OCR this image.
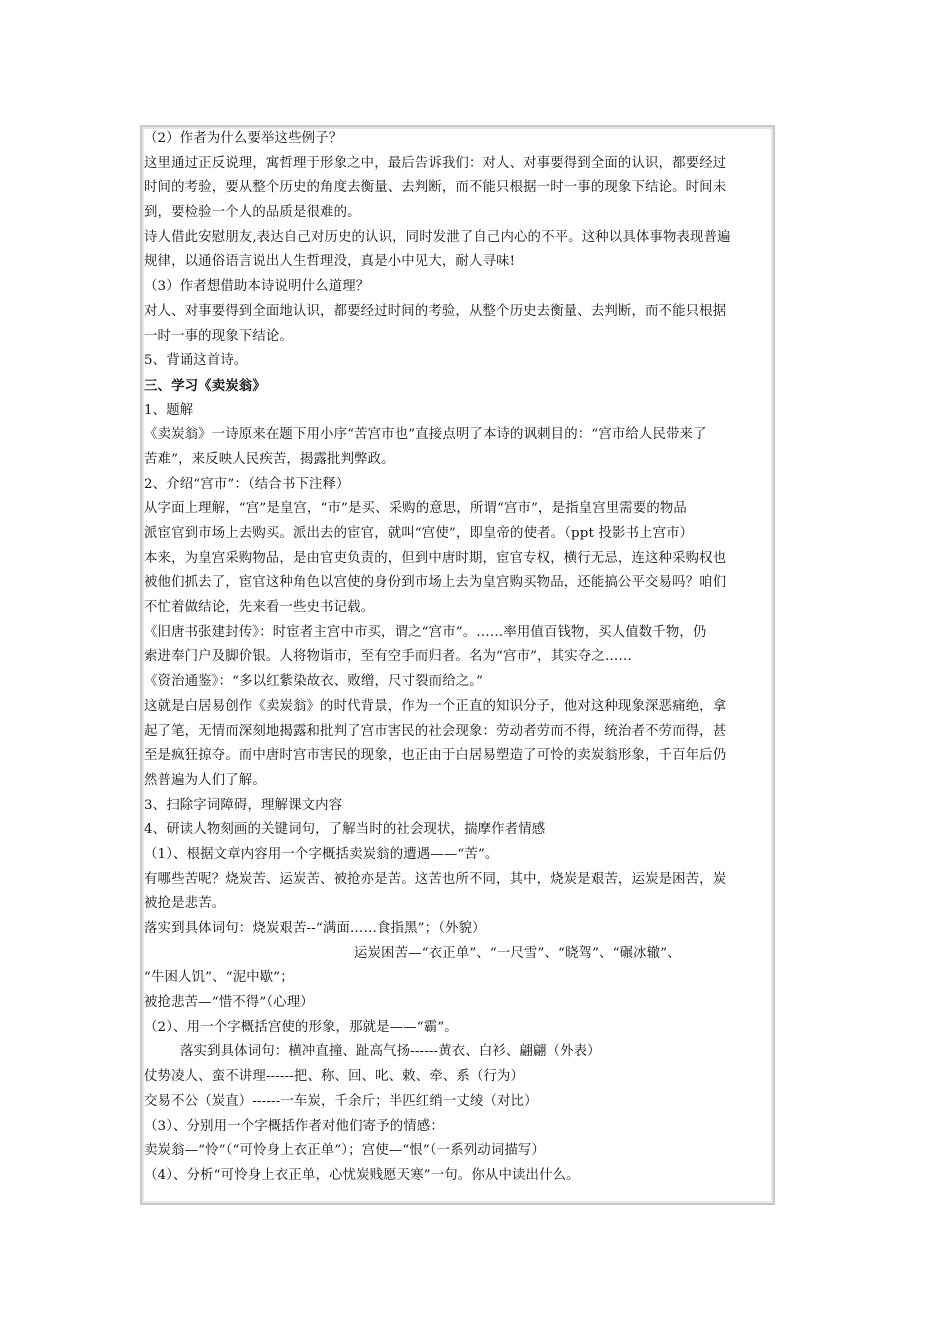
（2）作者为什么要举这些例子？
这里通过正反说理，寓哲理于形象之中，最后告诉我们：对人、对事要得到全面的认识，都要经过
时间的考验，要从整个历史的角度去衡量、去判断，而不能只根据一时一事的现象下结论。时间未
到，要检验一个人的品质是很难的。
诗人借此安慰朋友,表达自己对历史的认识，同时发泄了自己内心的不平。这种以具体事物表现普遍
规律，以通俗语言说出人生哲理没，真是小中见大，耐人寻味!
（3）作者想借助本诗说明什么道理？
对人、对事要得到全面地认识，都要经过时间的考验，从整个历史去衡量、去判断，而不能只根据
一时一事的现象下结论。
5、背诵这首诗。
三、学习《卖炭翁》
1、题解
《卖炭翁》一诗原来在题下用小序“苦宫市也”直接点明了本诗的讽刺目的：“宫市给人民带来了
苦难”，来反映人民疾苦，揭露批判弊政。
2、介绍“宫市”：（结合书下注释）
从字面上理解，“宫”是皇宫，“市”是买、采购的意思，所谓“宫市”，是指皇宫里需要的物品
派宦官到市场上去购买。派出去的宦官，就叫“宫使”，即皇帝的使者。（ppt 投影书上宫市）
本来，为皇宫采购物品，是由官吏负责的，但到中唐时期，宦官专权，横行无忌，连这种采购权也
被他们抓去了，宦官这种角色以宫使的身份到市场上去为皇宫购买物品，还能搞公平交易吗？咱们
不忙着做结论，先来看一些史书记载。
《旧唐书张建封传》：时宦者主宫中市买，谓之“宫市”。……率用值百钱物，买人值数千物，仍
索进奉门户及脚价银。人将物诣市，至有空手而归者。名为“宫市”，其实夺之……
《资治通鉴》：“多以红紫染故衣、败缯，尺寸裂而给之。”
这就是白居易创作《卖炭翁》的时代背景，作为一个正直的知识分子，他对这种现象深恶痛绝，拿
起了笔，无情而深刻地揭露和批判了宫市害民的社会现象：劳动者劳而不得，统治者不劳而得，甚
至是疯狂掠夺。而中唐时宫市害民的现象，也正由于白居易塑造了可怜的卖炭翁形象，千百年后仍
然普遍为人们了解。
3、扫除字词障碍，理解课文内容
4、研读人物刻画的关键词句，了解当时的社会现状，揣摩作者情感
（1）、根据文章内容用一个字概括卖炭翁的遭遇——“苦”。
有哪些苦呢？烧炭苦、运炭苦、被抢亦是苦。这苦也所不同，其中，烧炭是艰苦，运炭是困苦，炭
被抢是悲苦。
落实到具体词句：烧炭艰苦--“满面……食指黑”；（外貌）
运炭困苦—“衣正单”、“一尺雪”、“晓驾”、“碾冰辙”、
“牛困人饥”、“泥中歇”；
被抢悲苦—“惜不得”（心理）
（2）、用一个字概括宫使的形象，那就是——“霸”。
落实到具体词句：横冲直撞、趾高气扬------黄衣、白衫、翩翩（外表）
仗势凌人、蛮不讲理------把、称、回、叱、敕、牵、系（行为）
交易不公（炭直）------一车炭，千余斤；半匹红绡一丈绫（对比）
（3）、分别用一个字概括作者对他们寄予的情感：
卖炭翁—“怜”（“可怜身上衣正单”）；宫使—“恨”（一系列动词描写）
（4）、分析“可怜身上衣正单，心忧炭贱愿天寒”一句。你从中读出什么。
